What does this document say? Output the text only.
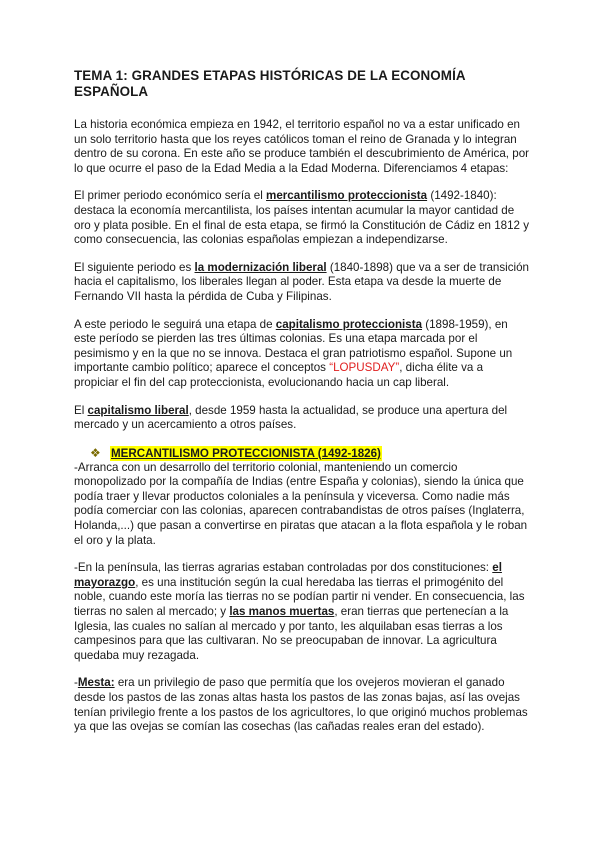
TEMA 1: GRANDES ETAPAS HISTÓRICAS DE LA ECONOMÍA ESPAÑOLA

La historia económica empieza en 1942, el territorio español no va a estar unificado en un solo territorio hasta que los reyes católicos toman el reino de Granada y lo integran dentro de su corona. En este año se produce también el descubrimiento de América, por lo que ocurre el paso de la Edad Media a la Edad Moderna. Diferenciamos 4 etapas:

El primer periodo económico sería el mercantilismo proteccionista (1492-1840): destaca la economía mercantilista, los países intentan acumular la mayor cantidad de oro y plata posible. En el final de esta etapa, se firmó la Constitución de Cádiz en 1812 y como consecuencia, las colonias españolas empiezan a independizarse.

El siguiente periodo es la modernización liberal (1840-1898) que va a ser de transición hacia el capitalismo, los liberales llegan al poder. Esta etapa va desde la muerte de Fernando VII hasta la pérdida de Cuba y Filipinas.

A este periodo le seguirá una etapa de capitalismo proteccionista (1898-1959), en este período se pierden las tres últimas colonias. Es una etapa marcada por el pesimismo y en la que no se innova. Destaca el gran patriotismo español. Supone un importante cambio político; aparece el conceptos “LOPUSDAY”, dicha élite va a propiciar el fin del cap proteccionista, evolucionando hacia un cap liberal.

El capitalismo liberal, desde 1959 hasta la actualidad, se produce una apertura del mercado y un acercamiento a otros países.

❖ MERCANTILISMO PROTECCIONISTA (1492-1826)

-Arranca con un desarrollo del territorio colonial, manteniendo un comercio monopolizado por la compañía de Indias (entre España y colonias), siendo la única que podía traer y llevar productos coloniales a la península y viceversa. Como nadie más podía comerciar con las colonias, aparecen contrabandistas de otros países (Inglaterra, Holanda,...) que pasan a convertirse en piratas que atacan a la flota española y le roban el oro y la plata.

-En la península, las tierras agrarias estaban controladas por dos constituciones: el mayorazgo, es una institución según la cual heredaba las tierras el primogénito del noble, cuando este moría las tierras no se podían partir ni vender. En consecuencia, las tierras no salen al mercado; y las manos muertas, eran tierras que pertenecían a la Iglesia, las cuales no salían al mercado y por tanto, les alquilaban esas tierras a los campesinos para que las cultivaran. No se preocupaban de innovar. La agricultura quedaba muy rezagada.

-Mesta: era un privilegio de paso que permitía que los ovejeros movieran el ganado desde los pastos de las zonas altas hasta los pastos de las zonas bajas, así las ovejas tenían privilegio frente a los pastos de los agricultores, lo que originó muchos problemas ya que las ovejas se comían las cosechas (las cañadas reales eran del estado).
